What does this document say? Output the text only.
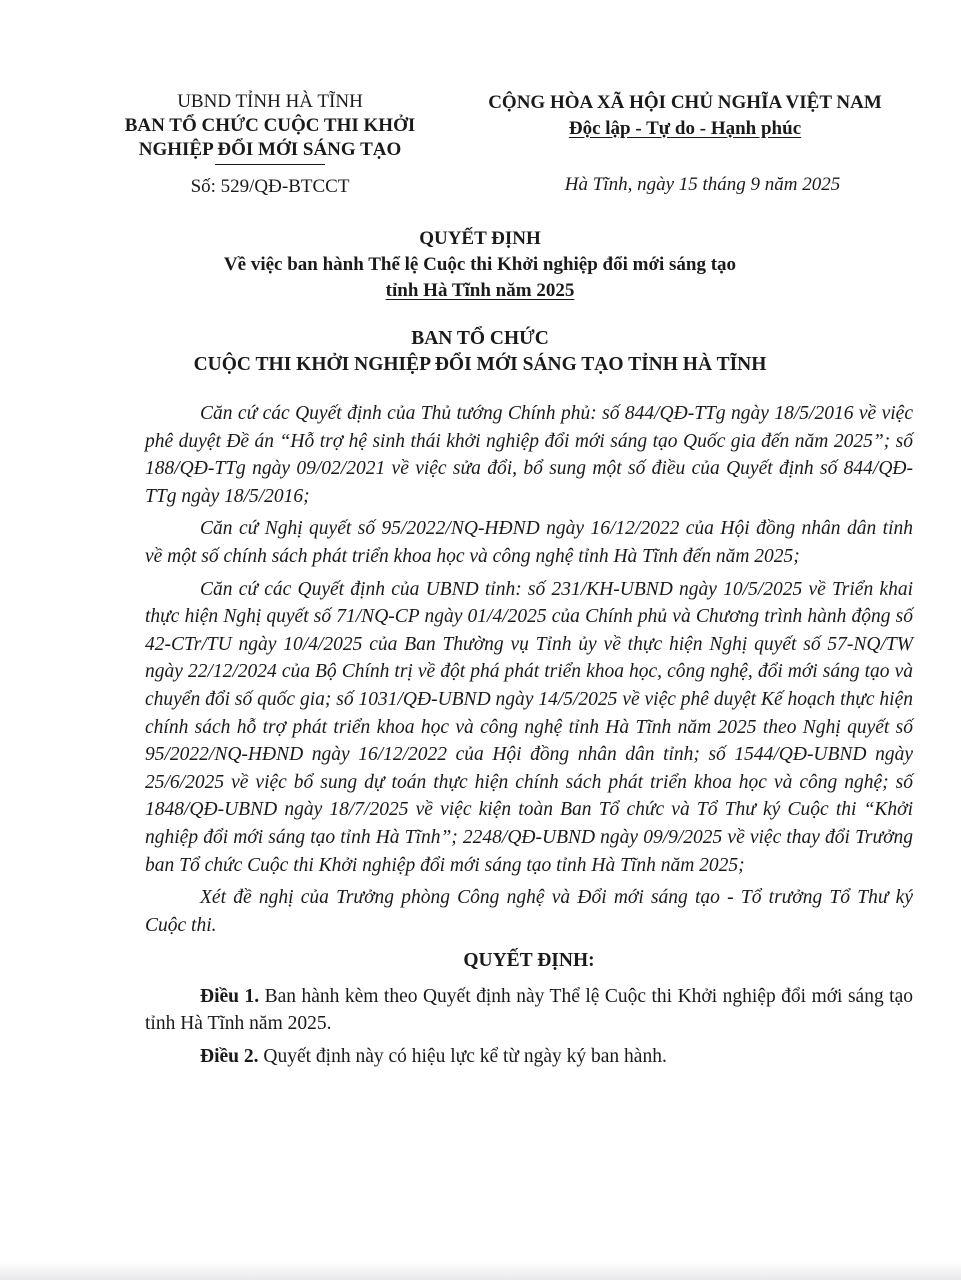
UBND TỈNH HÀ TĨNH
BAN TỔ CHỨC CUỘC THI KHỞI
NGHIỆP ĐỔI MỚI SÁNG TẠO
Số: 529/QĐ-BTCCT
CỘNG HÒA XÃ HỘI CHỦ NGHĨA VIỆT NAM
Độc lập - Tự do - Hạnh phúc
Hà Tĩnh, ngày 15 tháng 9 năm 2025
QUYẾT ĐỊNH
Về việc ban hành Thể lệ Cuộc thi Khởi nghiệp đổi mới sáng tạo
tỉnh Hà Tĩnh năm 2025
BAN TỔ CHỨC
CUỘC THI KHỞI NGHIỆP ĐỔI MỚI SÁNG TẠO TỈNH HÀ TĨNH

Căn cứ các Quyết định của Thủ tướng Chính phủ: số 844/QĐ-TTg ngày 18/5/2016 về việc phê duyệt Đề án “Hỗ trợ hệ sinh thái khởi nghiệp đổi mới sáng tạo Quốc gia đến năm 2025”; số 188/QĐ-TTg ngày 09/02/2021 về việc sửa đổi, bổ sung một số điều của Quyết định số 844/QĐ-TTg ngày 18/5/2016;

Căn cứ Nghị quyết số 95/2022/NQ-HĐND ngày 16/12/2022 của Hội đồng nhân dân tỉnh về một số chính sách phát triển khoa học và công nghệ tỉnh Hà Tĩnh đến năm 2025;

Căn cứ các Quyết định của UBND tỉnh: số 231/KH-UBND ngày 10/5/2025 về Triển khai thực hiện Nghị quyết số 71/NQ-CP ngày 01/4/2025 của Chính phủ và Chương trình hành động số 42-CTr/TU ngày 10/4/2025 của Ban Thường vụ Tỉnh ủy về thực hiện Nghị quyết số 57-NQ/TW ngày 22/12/2024 của Bộ Chính trị về đột phá phát triển khoa học, công nghệ, đổi mới sáng tạo và chuyển đổi số quốc gia; số 1031/QĐ-UBND ngày 14/5/2025 về việc phê duyệt Kế hoạch thực hiện chính sách hỗ trợ phát triển khoa học và công nghệ tỉnh Hà Tĩnh năm 2025 theo Nghị quyết số 95/2022/NQ-HĐND ngày 16/12/2022 của Hội đồng nhân dân tỉnh; số 1544/QĐ-UBND ngày 25/6/2025 về việc bổ sung dự toán thực hiện chính sách phát triển khoa học và công nghệ; số 1848/QĐ-UBND ngày 18/7/2025 về việc kiện toàn Ban Tổ chức và Tổ Thư ký Cuộc thi “Khởi nghiệp đổi mới sáng tạo tỉnh Hà Tĩnh”; 2248/QĐ-UBND ngày 09/9/2025 về việc thay đổi Trưởng ban Tổ chức Cuộc thi Khởi nghiệp đổi mới sáng tạo tỉnh Hà Tĩnh năm 2025;

Xét đề nghị của Trưởng phòng Công nghệ và Đổi mới sáng tạo - Tổ trưởng Tổ Thư ký Cuộc thi.

QUYẾT ĐỊNH:

Điều 1. Ban hành kèm theo Quyết định này Thể lệ Cuộc thi Khởi nghiệp đổi mới sáng tạo tỉnh Hà Tĩnh năm 2025.

Điều 2. Quyết định này có hiệu lực kể từ ngày ký ban hành.
